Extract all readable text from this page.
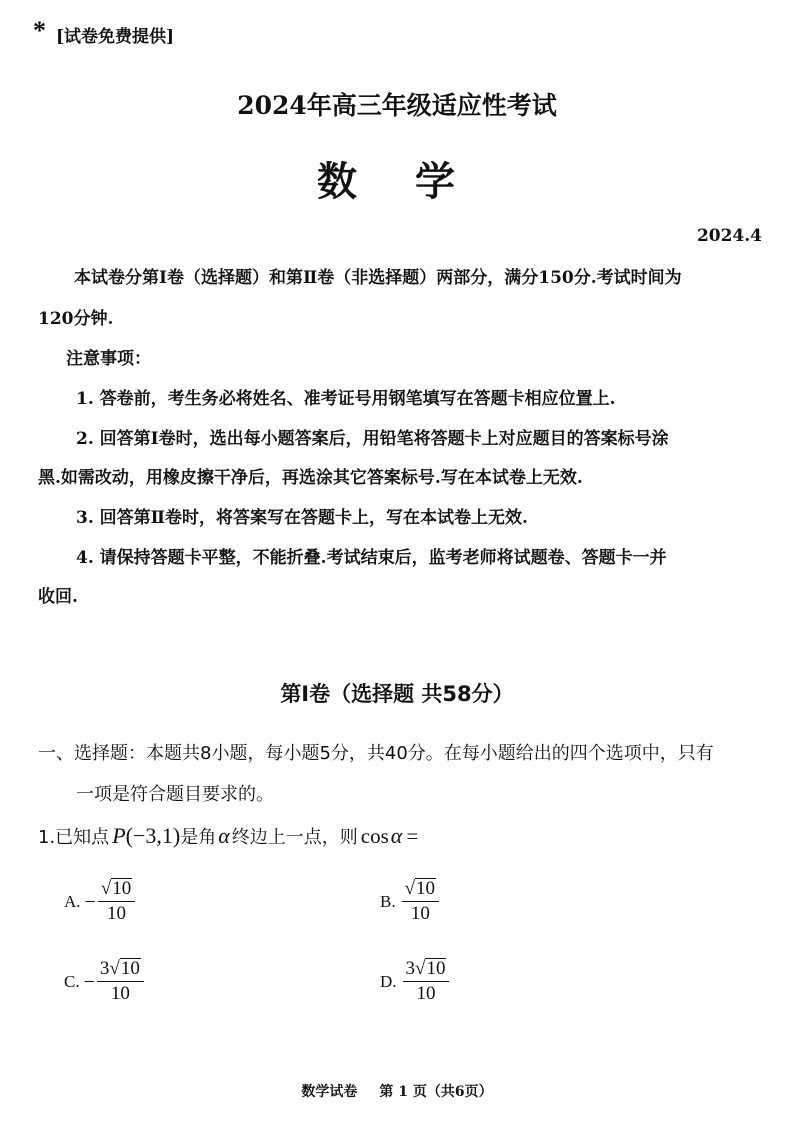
* [试卷免费提供]
2024年高三年级适应性考试
数 学
2024.4
本试卷分第Ⅰ卷（选择题）和第Ⅱ卷（非选择题）两部分，满分150分.考试时间为
120分钟.
注意事项：
1. 答卷前，考生务必将姓名、准考证号用钢笔填写在答题卡相应位置上.
2. 回答第Ⅰ卷时，选出每小题答案后，用铅笔将答题卡上对应题目的答案标号涂
黑.如需改动，用橡皮擦干净后，再选涂其它答案标号.写在本试卷上无效.
3. 回答第Ⅱ卷时，将答案写在答题卡上，写在本试卷上无效.
4. 请保持答题卡平整，不能折叠.考试结束后，监考老师将试题卷、答题卡一并
收回.
第Ⅰ卷（选择题 共58分）
一、选择题：本题共8小题，每小题5分，共40分。在每小题给出的四个选项中，只有
一项是符合题目要求的。
1.已知点 P (−3,1) 是角 α 终边上一点，则 cos α =
A. − $\frac{√10}{10}$	B. $\frac{√10}{10}$
C. − $\frac{3√10}{10}$	D. $\frac{3√10}{10}$
数学试卷 第 1 页（共6页）
